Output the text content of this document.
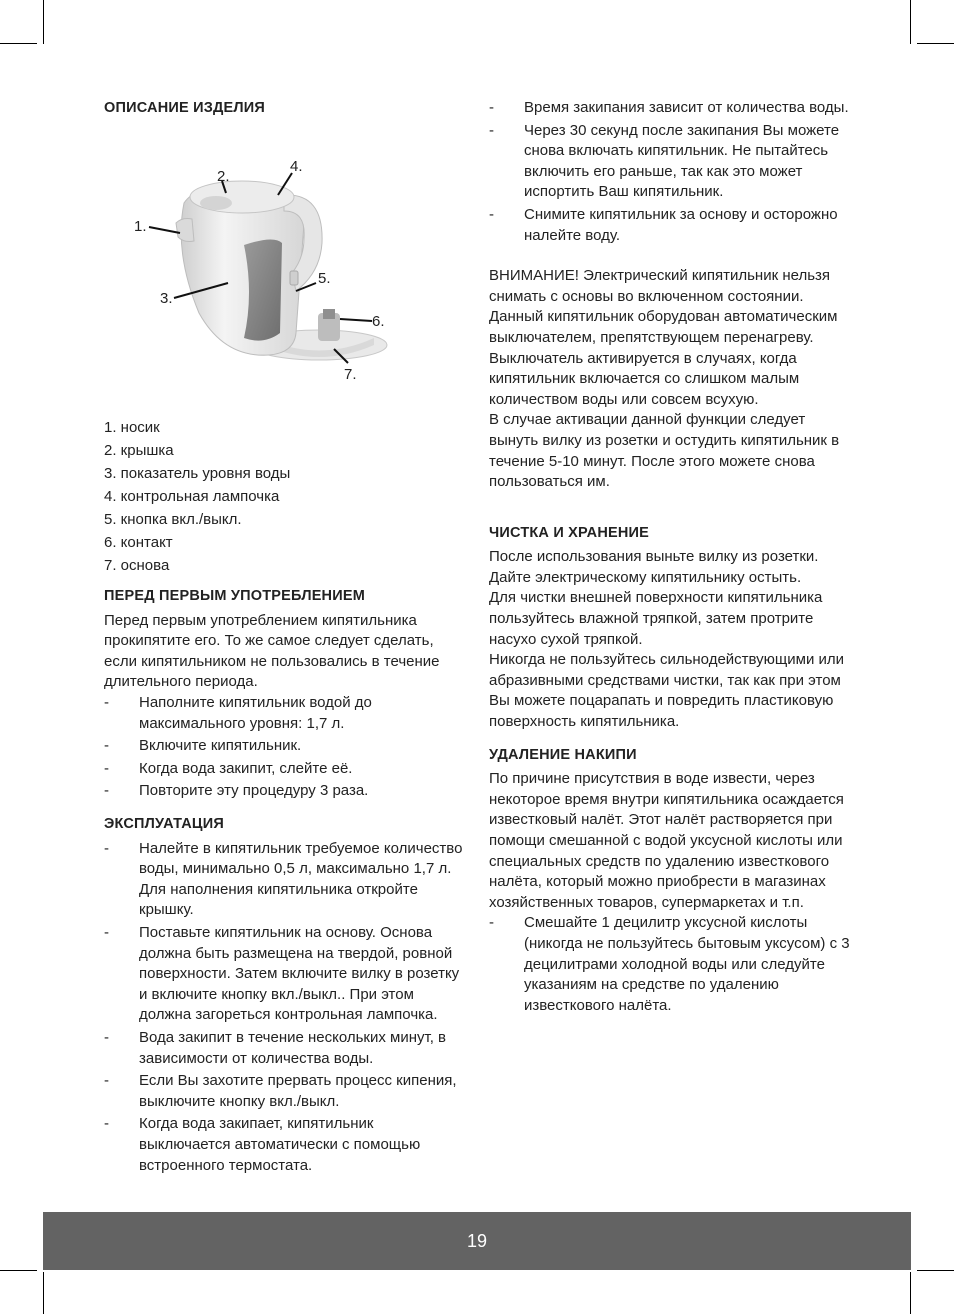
ОПИСАНИЕ ИЗДЕЛИЯ
1.
2.
3.
4.
5.
6.
7.
1. носик
2. крышка
3. показатель уровня воды
4. контрольная лампочка
5. кнопка вкл./выкл.
6. контакт
7. основа
ПЕРЕД ПЕРВЫМ УПОТРЕБЛЕНИЕМ

Перед первым употреблением кипятильника прокипятите его. То же самое следует сделать, если кипятильником не пользовались в течение длительного периода.

- Наполните кипятильник водой до максимального уровня: 1,7 л.
- Включите кипятильник.
- Когда вода закипит, слейте её.
- Повторите эту процедуру 3 раза.
ЭКСПЛУАТАЦИЯ
- Налейте в кипятильник требуемое количество воды, минимально 0,5 л, максимально 1,7 л. Для наполнения кипятильника откройте крышку.
- Поставьте кипятильник на основу. Основа должна быть размещена на твердой, ровной поверхности. Затем включите вилку в розетку и включите кнопку вкл./выкл.. При этом должна загореться контрольная лампочка.
- Вода закипит в течение нескольких минут, в зависимости от количества воды.
- Если Вы захотите прервать процесс кипения, выключите кнопку вкл./выкл.
- Когда вода закипает, кипятильник выключается автоматически с помощью встроенного термостата.
- Время закипания зависит от количества воды.
- Через 30 секунд после закипания Вы можете снова включать кипятильник. Не пытайтесь включить его раньше, так как это может испортить Ваш кипятильник.
- Снимите кипятильник за основу и осторожно налейте воду.

ВНИМАНИЕ! Электрический кипятильник нельзя снимать с основы во включенном состоянии.

Данный кипятильник оборудован автоматическим выключателем, препятствующем перенагреву. Выключатель активируется в случаях, когда кипятильник включается со слишком малым количеством воды или совсем всухую.

В случае активации данной функции следует вынуть вилку из розетки и остудить кипятильник в течение 5-10 минут. После этого можете снова пользоваться им.

ЧИСТКА И ХРАНЕНИЕ

После использования выньте вилку из розетки. Дайте электрическому кипятильнику остыть.

Для чистки внешней поверхности кипятильника пользуйтесь влажной тряпкой, затем протрите насухо сухой тряпкой.

Никогда не пользуйтесь сильнодействующими или абразивными средствами чистки, так как при этом Вы можете поцарапать и повредить пластиковую поверхность кипятильника.

УДАЛЕНИЕ НАКИПИ

По причине присутствия в воде извести, через некоторое время внутри кипятильника осаждается известковый налёт. Этот налёт растворяется при помощи смешанной с водой уксусной кислоты или специальных средств по удалению известкового налёта, который можно приобрести в магазинах хозяйственных товаров, супермаркетах и т.п.

- Смешайте 1 децилитр уксусной кислоты (никогда не пользуйтесь бытовым уксусом) с 3 децилитрами холодной воды или следуйте указаниям на средстве по удалению известкового налёта.
19
